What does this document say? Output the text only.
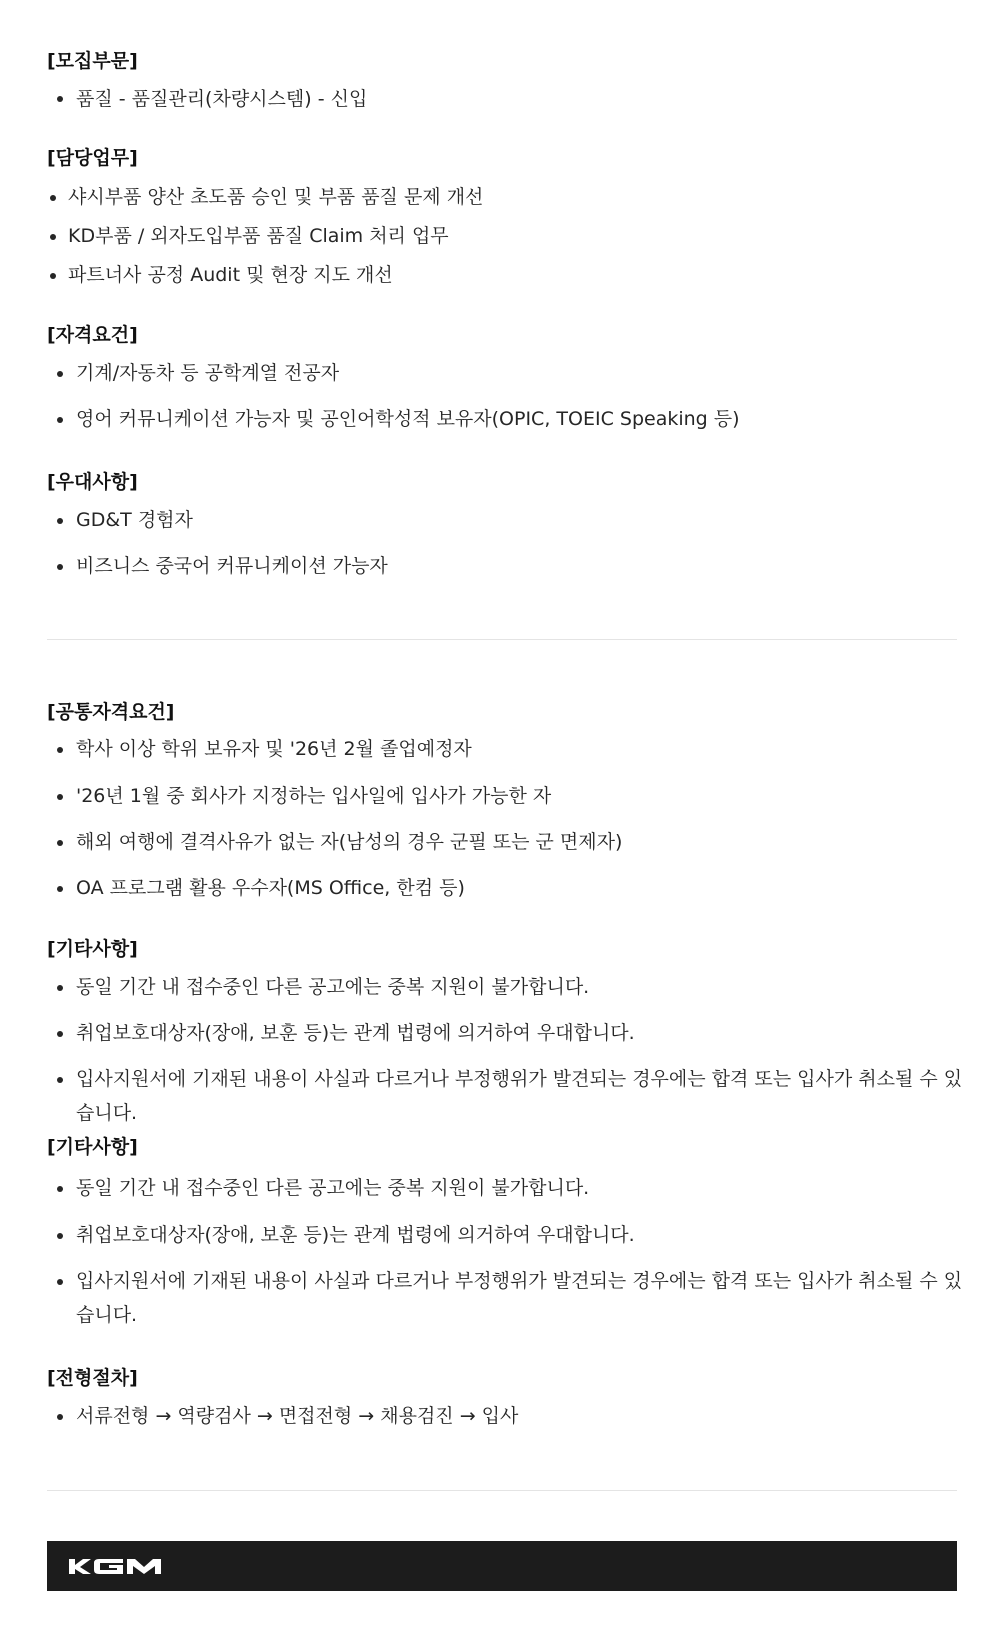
[모집부문]
품질 - 품질관리(차량시스템) - 신입
[담당업무]
샤시부품 양산 초도품 승인 및 부품 품질 문제 개선
KD부품 / 외자도입부품 품질 Claim 처리 업무
파트너사 공정 Audit 및 현장 지도 개선
[자격요건]
기계/자동차 등 공학계열 전공자
영어 커뮤니케이션 가능자 및 공인어학성적 보유자(OPIC, TOEIC Speaking 등)
[우대사항]
GD&T 경험자
비즈니스 중국어 커뮤니케이션 가능자
[공통자격요건]
학사 이상 학위 보유자 및 '26년 2월 졸업예정자
'26년 1월 중 회사가 지정하는 입사일에 입사가 가능한 자
해외 여행에 결격사유가 없는 자(남성의 경우 군필 또는 군 면제자)
OA 프로그램 활용 우수자(MS Office, 한컴 등)
[기타사항]
동일 기간 내 접수중인 다른 공고에는 중복 지원이 불가합니다.
취업보호대상자(장애, 보훈 등)는 관계 법령에 의거하여 우대합니다.
입사지원서에 기재된 내용이 사실과 다르거나 부정행위가 발견되는 경우에는 합격 또는 입사가 취소될 수 있습니다.
[기타사항]
동일 기간 내 접수중인 다른 공고에는 중복 지원이 불가합니다.
취업보호대상자(장애, 보훈 등)는 관계 법령에 의거하여 우대합니다.
입사지원서에 기재된 내용이 사실과 다르거나 부정행위가 발견되는 경우에는 합격 또는 입사가 취소될 수 있습니다.
[전형절차]
서류전형 → 역량검사 → 면접전형 → 채용검진 → 입사
